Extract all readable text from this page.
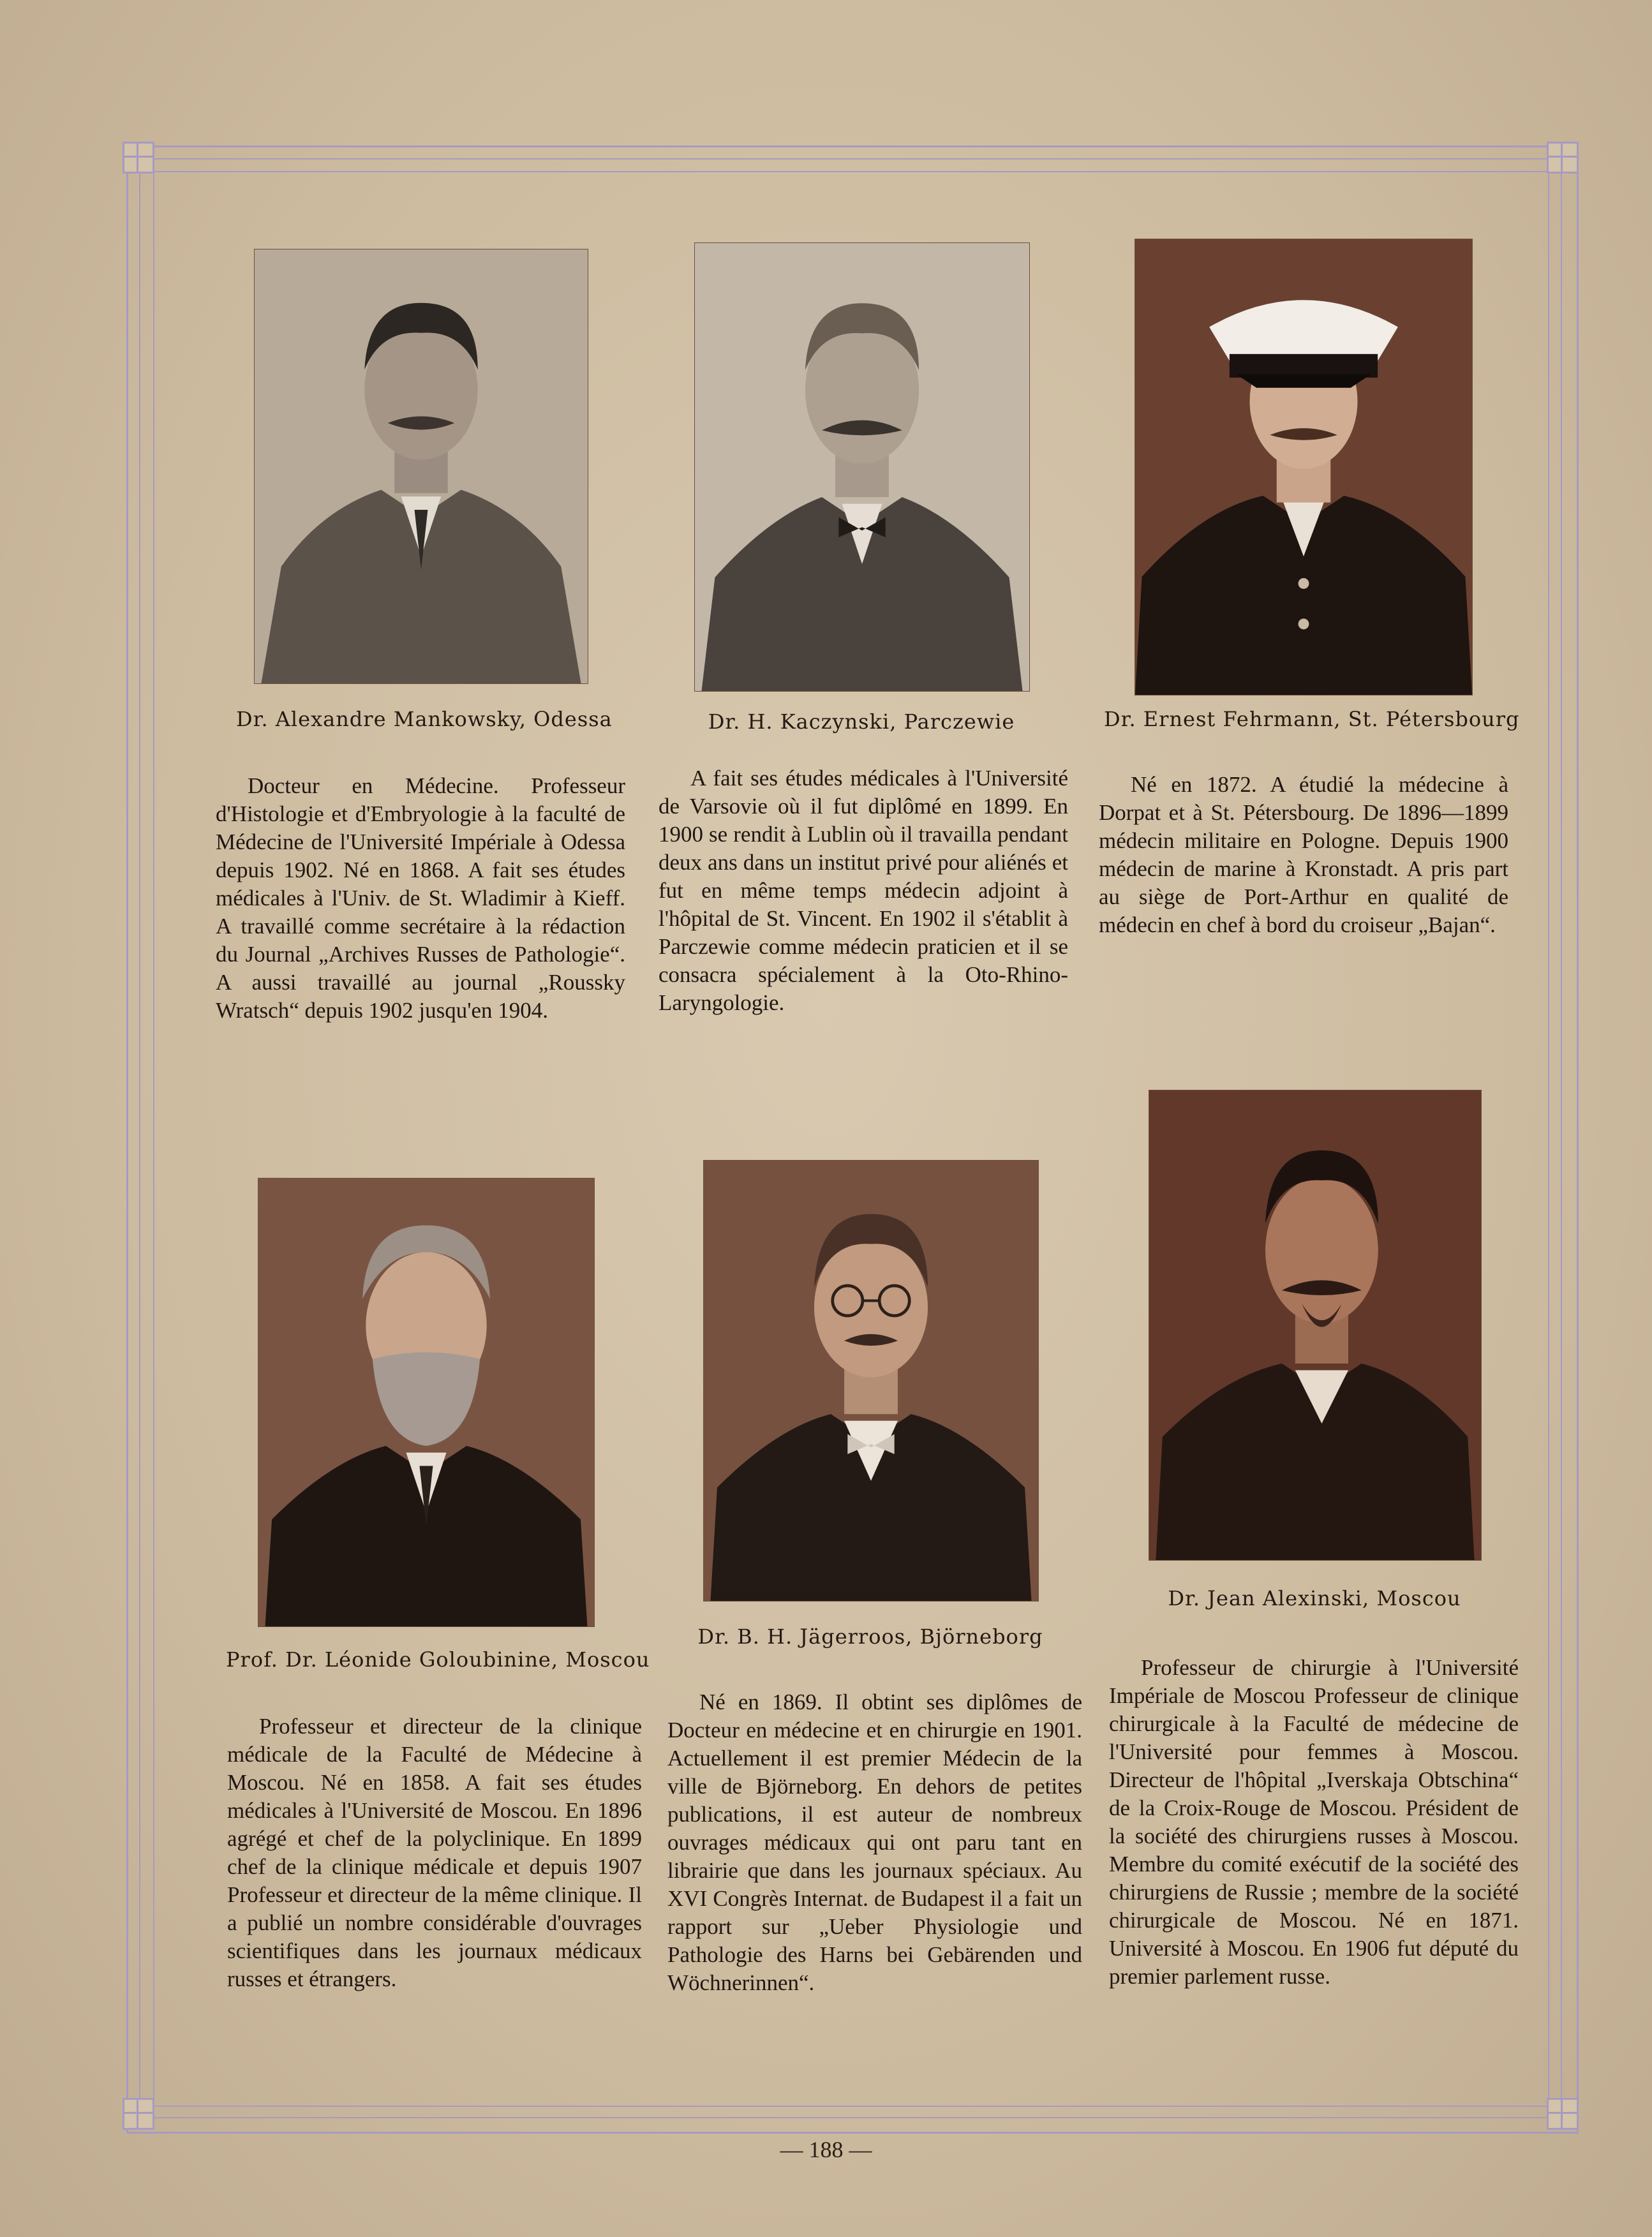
Dr. Alexandre Mankowsky, Odessa
Docteur en Médecine. Professeur d'Histologie et d'Embryologie à la faculté de Médecine de l'Université Impériale à Odessa depuis 1902. Né en 1868. A fait ses études médicales à l'Univ. de St. Wladimir à Kieff. A travaillé comme secrétaire à la rédaction du Journal „Archives Russes de Pathologie“. A aussi travaillé au journal „Roussky Wratsch“ depuis 1902 jusqu'en 1904.
Dr. H. Kaczynski, Parczewie
A fait ses études médicales à l'Université de Varsovie où il fut diplômé en 1899. En 1900 se rendit à Lublin où il travailla pendant deux ans dans un institut privé pour aliénés et fut en même temps médecin adjoint à l'hôpital de St. Vincent. En 1902 il s'établit à Parczewie comme médecin praticien et il se consacra spécialement à la Oto-Rhino-Laryngologie.
Dr. Ernest Fehrmann, St. Pétersbourg
Né en 1872. A étudié la médecine à Dorpat et à St. Pétersbourg. De 1896—1899 médecin militaire en Pologne. Depuis 1900 médecin de marine à Kronstadt. A pris part au siège de Port-Arthur en qualité de médecin en chef à bord du croiseur „Bajan“.
Prof. Dr. Léonide Goloubinine, Moscou
Professeur et directeur de la clinique médicale de la Faculté de Médecine à Moscou. Né en 1858. A fait ses études médicales à l'Université de Moscou. En 1896 agrégé et chef de la polyclinique. En 1899 chef de la clinique médicale et depuis 1907 Professeur et directeur de la même clinique. Il a publié un nombre considérable d'ouvrages scientifiques dans les journaux médicaux russes et étrangers.
Dr. B. H. Jägerroos, Björneborg
Né en 1869. Il obtint ses diplômes de Docteur en médecine et en chirurgie en 1901. Actuellement il est premier Médecin de la ville de Björneborg. En dehors de petites publications, il est auteur de nombreux ouvrages médicaux qui ont paru tant en librairie que dans les journaux spéciaux. Au XVI Congrès Internat. de Budapest il a fait un rapport sur „Ueber Physiologie und Pathologie des Harns bei Gebärenden und Wöchnerinnen“.
Dr. Jean Alexinski, Moscou
Professeur de chirurgie à l'Université Impériale de Moscou Professeur de clinique chirurgicale à la Faculté de médecine de l'Université pour femmes à Moscou. Directeur de l'hôpital „Iverskaja Obtschina“ de la Croix-Rouge de Moscou. Président de la société des chirurgiens russes à Moscou. Membre du comité exécutif de la société des chirurgiens de Russie ; membre de la société chirurgicale de Moscou. Né en 1871. Université à Moscou. En 1906 fut député du premier parlement russe.
— 188 —
